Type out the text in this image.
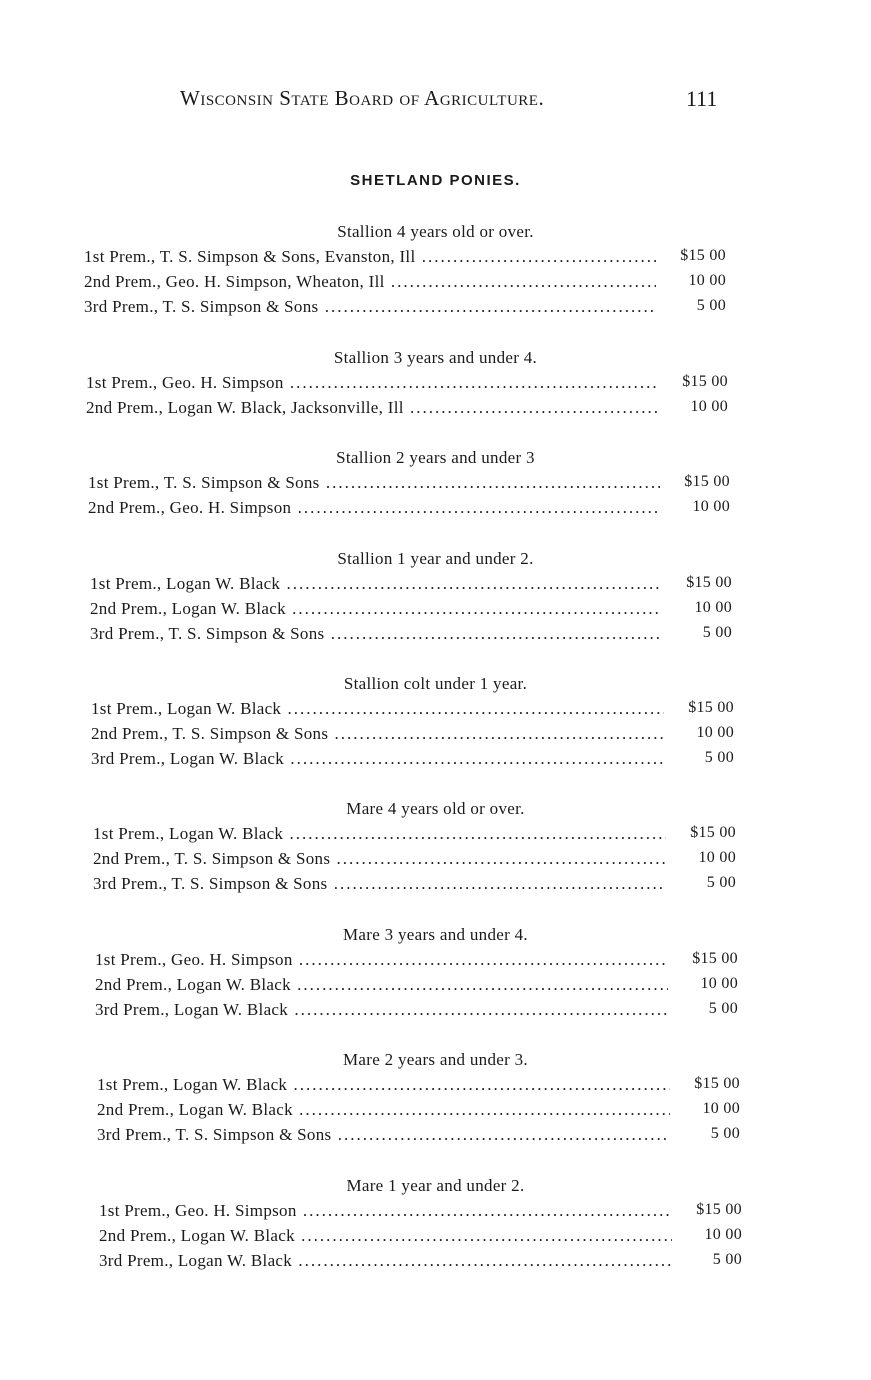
Wisconsin State Board of Agriculture.	111
SHETLAND PONIES.
Stallion 4 years old or over.
1st Prem., T. S. Simpson & Sons, Evanston, Ill .....	$15 00
2nd Prem., Geo. H. Simpson, Wheaton, Ill .....	10 00
3rd Prem., T. S. Simpson & Sons .....	5 00
Stallion 3 years and under 4.
1st Prem., Geo. H. Simpson .....	$15 00
2nd Prem., Logan W. Black, Jacksonville, Ill .....	10 00
Stallion 2 years and under 3
1st Prem., T. S. Simpson & Sons .....	$15 00
2nd Prem., Geo. H. Simpson .....	10 00
Stallion 1 year and under 2.
1st Prem., Logan W. Black .....	$15 00
2nd Prem., Logan W. Black .....	10 00
3rd Prem., T. S. Simpson & Sons .....	5 00
Stallion colt under 1 year.
1st Prem., Logan W. Black .....	$15 00
2nd Prem., T. S. Simpson & Sons .....	10 00
3rd Prem., Logan W. Black .....	5 00
Mare 4 years old or over.
1st Prem., Logan W. Black .....	$15 00
2nd Prem., T. S. Simpson & Sons .....	10 00
3rd Prem., T. S. Simpson & Sons .....	5 00
Mare 3 years and under 4.
1st Prem., Geo. H. Simpson .....	$15 00
2nd Prem., Logan W. Black .....	10 00
3rd Prem., Logan W. Black .....	5 00
Mare 2 years and under 3.
1st Prem., Logan W. Black .....	$15 00
2nd Prem., Logan W. Black .....	10 00
3rd Prem., T. S. Simpson & Sons .....	5 00
Mare 1 year and under 2.
1st Prem., Geo. H. Simpson .....	$15 00
2nd Prem., Logan W. Black .....	10 00
3rd Prem., Logan W. Black .....	5 00
